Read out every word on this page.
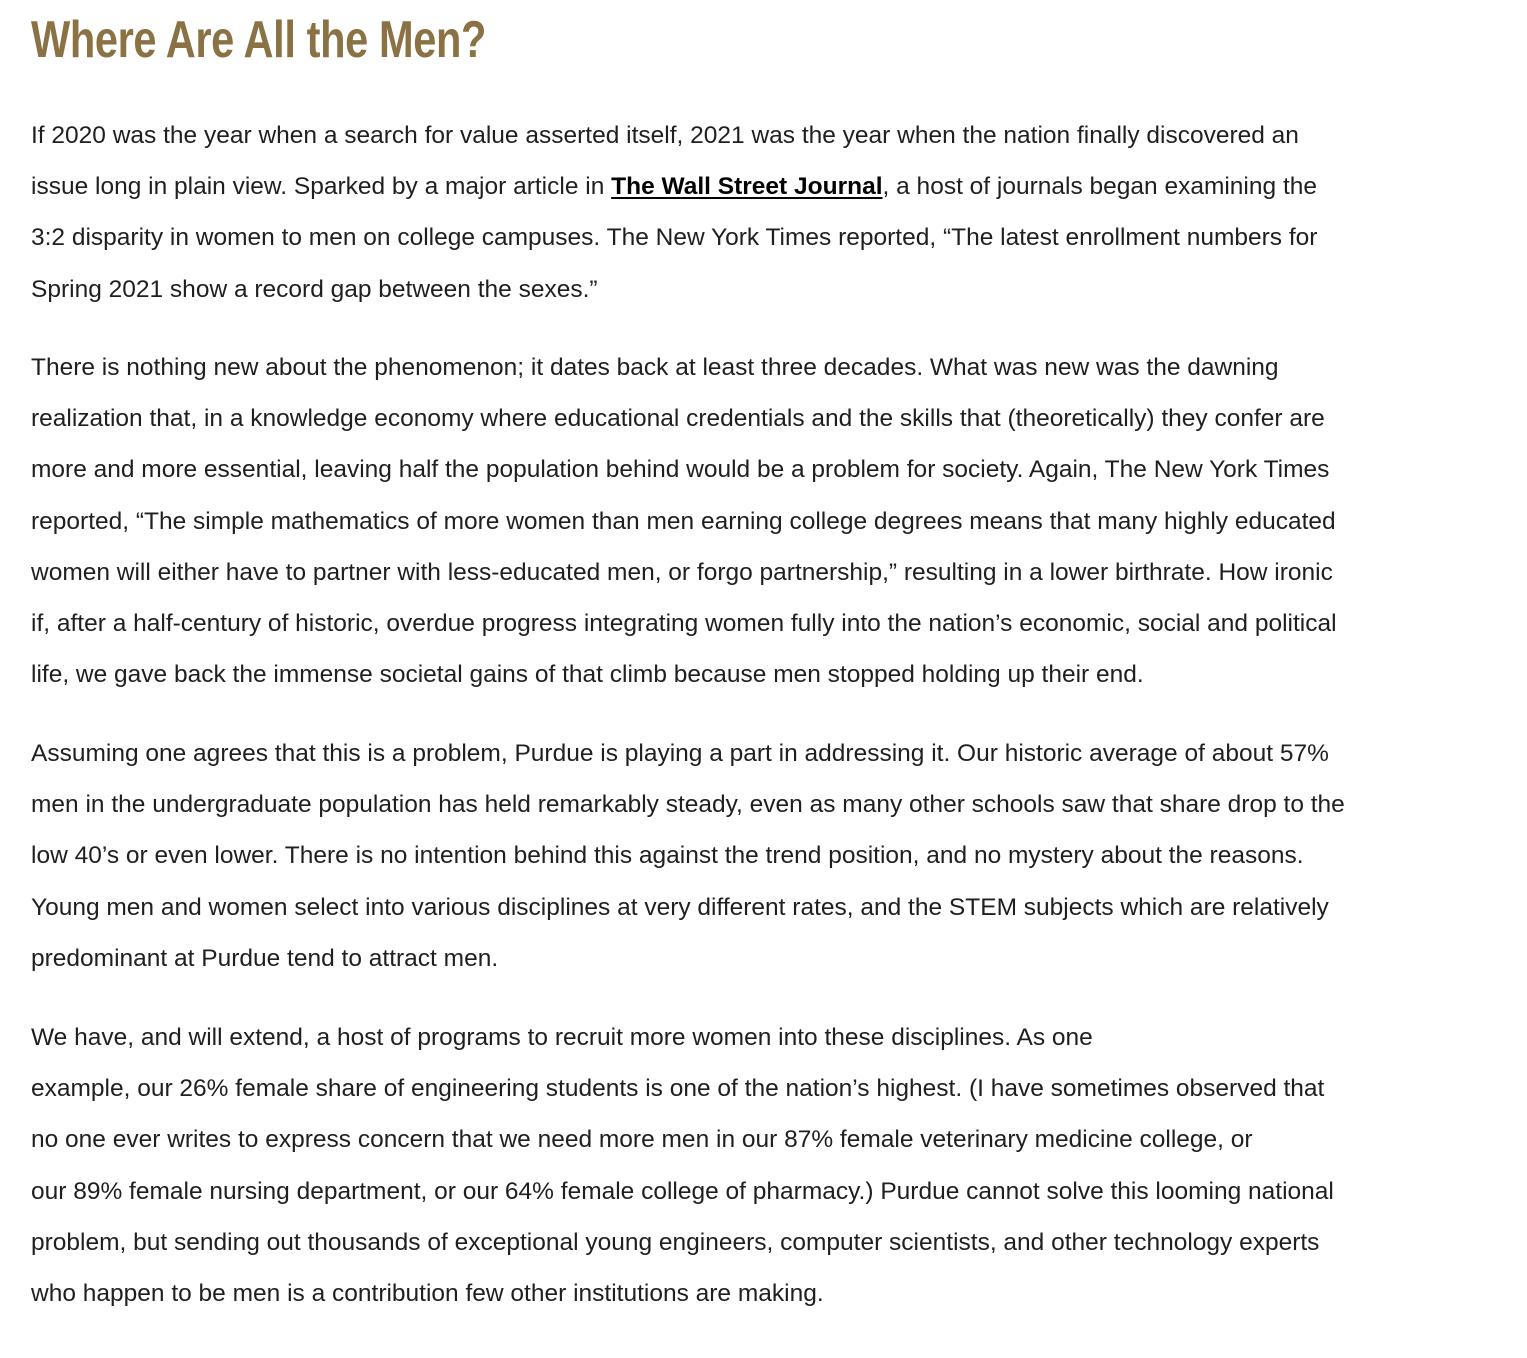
Where Are All the Men?
If 2020 was the year when a search for value asserted itself, 2021 was the year when the nation finally discovered an
issue long in plain view. Sparked by a major article in The Wall Street Journal, a host of journals began examining the
3:2 disparity in women to men on college campuses. The New York Times reported, “The latest enrollment numbers for
Spring 2021 show a record gap between the sexes.”
There is nothing new about the phenomenon; it dates back at least three decades. What was new was the dawning
realization that, in a knowledge economy where educational credentials and the skills that (theoretically) they confer are
more and more essential, leaving half the population behind would be a problem for society. Again, The New York Times
reported, “The simple mathematics of more women than men earning college degrees means that many highly educated
women will either have to partner with less-educated men, or forgo partnership,” resulting in a lower birthrate. How ironic
if, after a half-century of historic, overdue progress integrating women fully into the nation’s economic, social and political
life, we gave back the immense societal gains of that climb because men stopped holding up their end.
Assuming one agrees that this is a problem, Purdue is playing a part in addressing it. Our historic average of about 57%
men in the undergraduate population has held remarkably steady, even as many other schools saw that share drop to the
low 40’s or even lower. There is no intention behind this against the trend position, and no mystery about the reasons.
Young men and women select into various disciplines at very different rates, and the STEM subjects which are relatively
predominant at Purdue tend to attract men.
We have, and will extend, a host of programs to recruit more women into these disciplines. As one
example, our 26% female share of engineering students is one of the nation’s highest. (I have sometimes observed that
no one ever writes to express concern that we need more men in our 87% female veterinary medicine college, or
our 89% female nursing department, or our 64% female college of pharmacy.) Purdue cannot solve this looming national
problem, but sending out thousands of exceptional young engineers, computer scientists, and other technology experts
who happen to be men is a contribution few other institutions are making.
